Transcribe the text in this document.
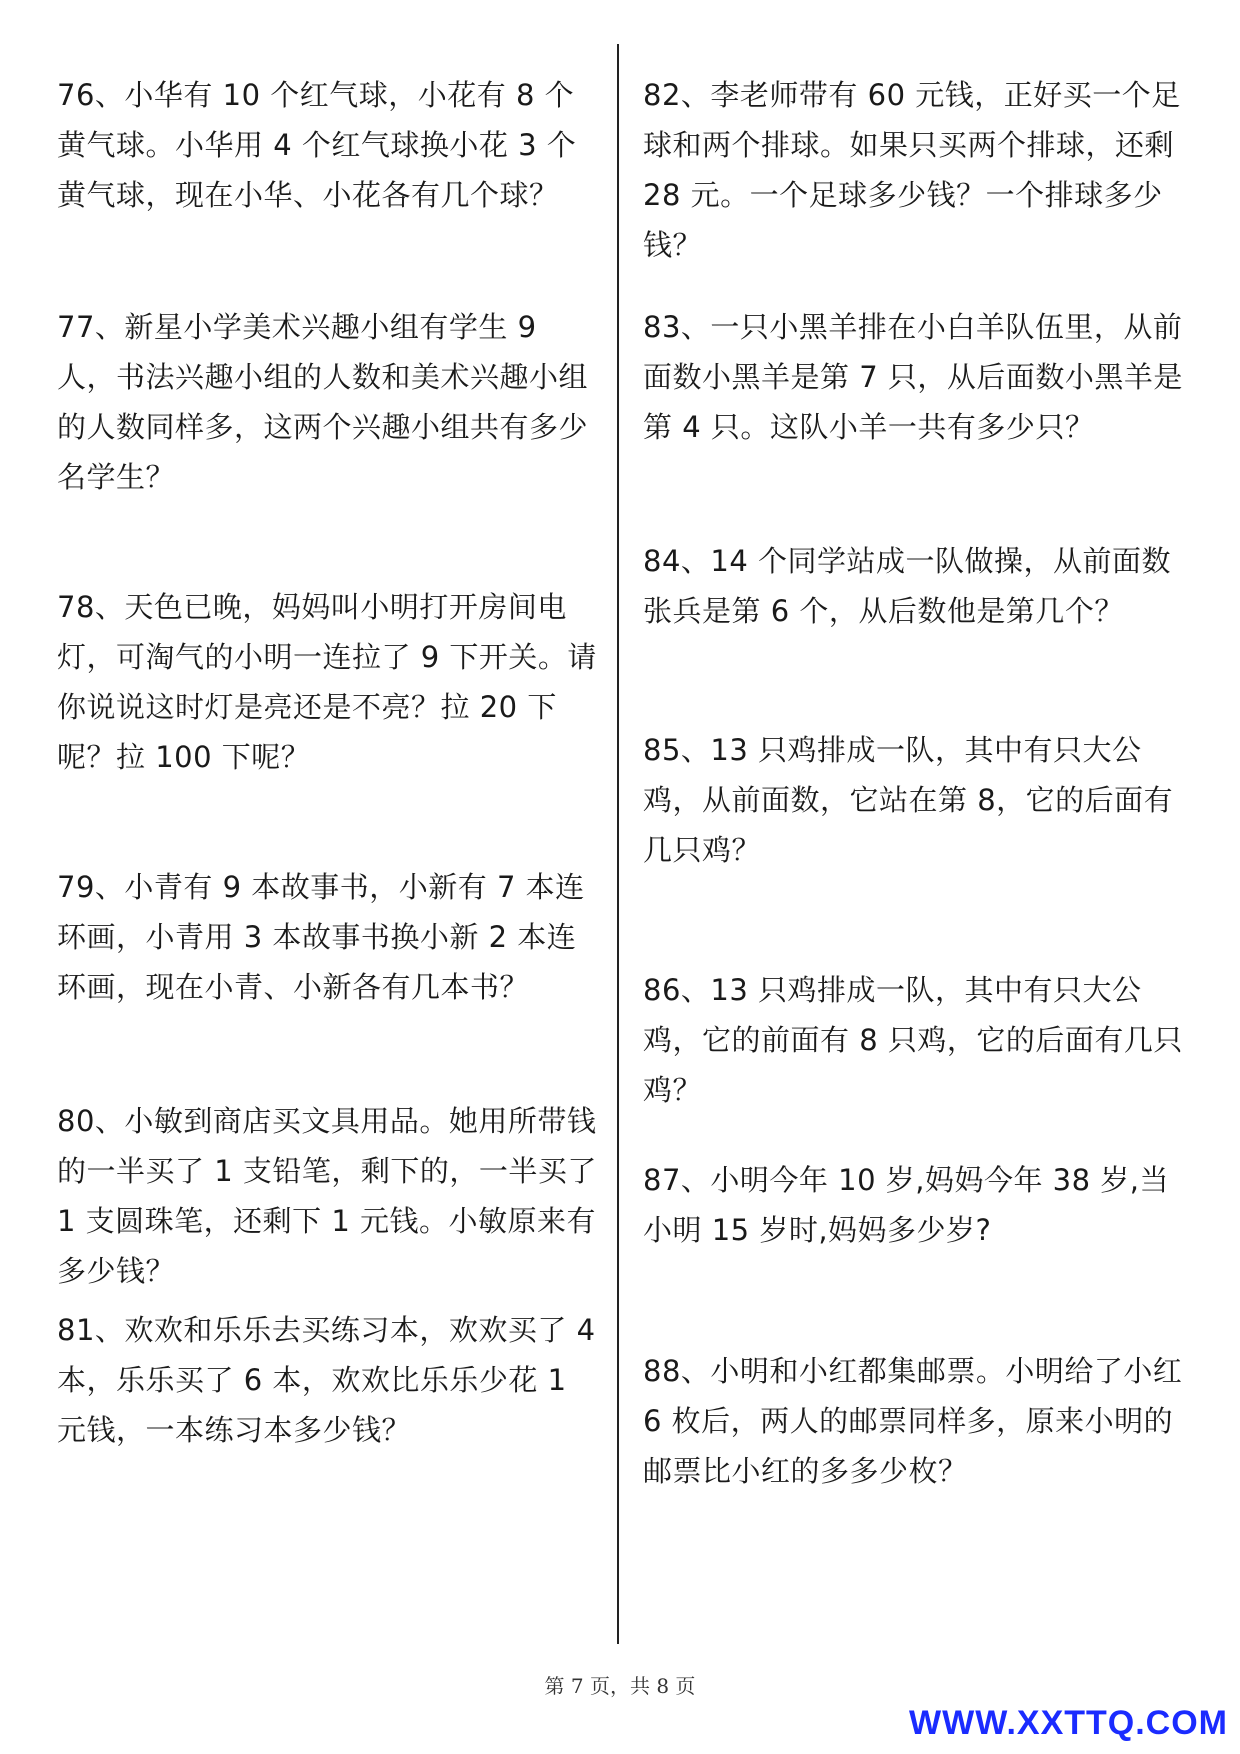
76、小华有 10 个红气球，小花有 8 个黄气球。小华用 4 个红气球换小花 3 个黄气球，现在小华、小花各有几个球？

77、新星小学美术兴趣小组有学生 9 人，书法兴趣小组的人数和美术兴趣小组的人数同样多，这两个兴趣小组共有多少名学生？

78、天色已晚，妈妈叫小明打开房间电灯，可淘气的小明一连拉了 9 下开关。请你说说这时灯是亮还是不亮？拉 20 下呢？拉 100 下呢？

79、小青有 9 本故事书，小新有 7 本连环画，小青用 3 本故事书换小新 2 本连环画，现在小青、小新各有几本书？

80、小敏到商店买文具用品。她用所带钱的一半买了 1 支铅笔，剩下的，一半买了 1 支圆珠笔，还剩下 1 元钱。小敏原来有多少钱？

81、欢欢和乐乐去买练习本，欢欢买了 4 本，乐乐买了 6 本，欢欢比乐乐少花 1 元钱，一本练习本多少钱？

82、李老师带有 60 元钱，正好买一个足球和两个排球。如果只买两个排球，还剩 28 元。一个足球多少钱？一个排球多少钱？

83、一只小黑羊排在小白羊队伍里，从前面数小黑羊是第 7 只，从后面数小黑羊是第 4 只。这队小羊一共有多少只？

84、14 个同学站成一队做操，从前面数张兵是第 6 个，从后数他是第几个？

85、13 只鸡排成一队，其中有只大公鸡，从前面数，它站在第 8，它的后面有几只鸡？

86、13 只鸡排成一队，其中有只大公鸡，它的前面有 8 只鸡，它的后面有几只鸡？

87、小明今年 10 岁,妈妈今年 38 岁,当小明 15 岁时,妈妈多少岁?

88、小明和小红都集邮票。小明给了小红 6 枚后，两人的邮票同样多，原来小明的邮票比小红的多多少枚？

第 7 页，共 8 页
WWW.XXTTQ.COM
